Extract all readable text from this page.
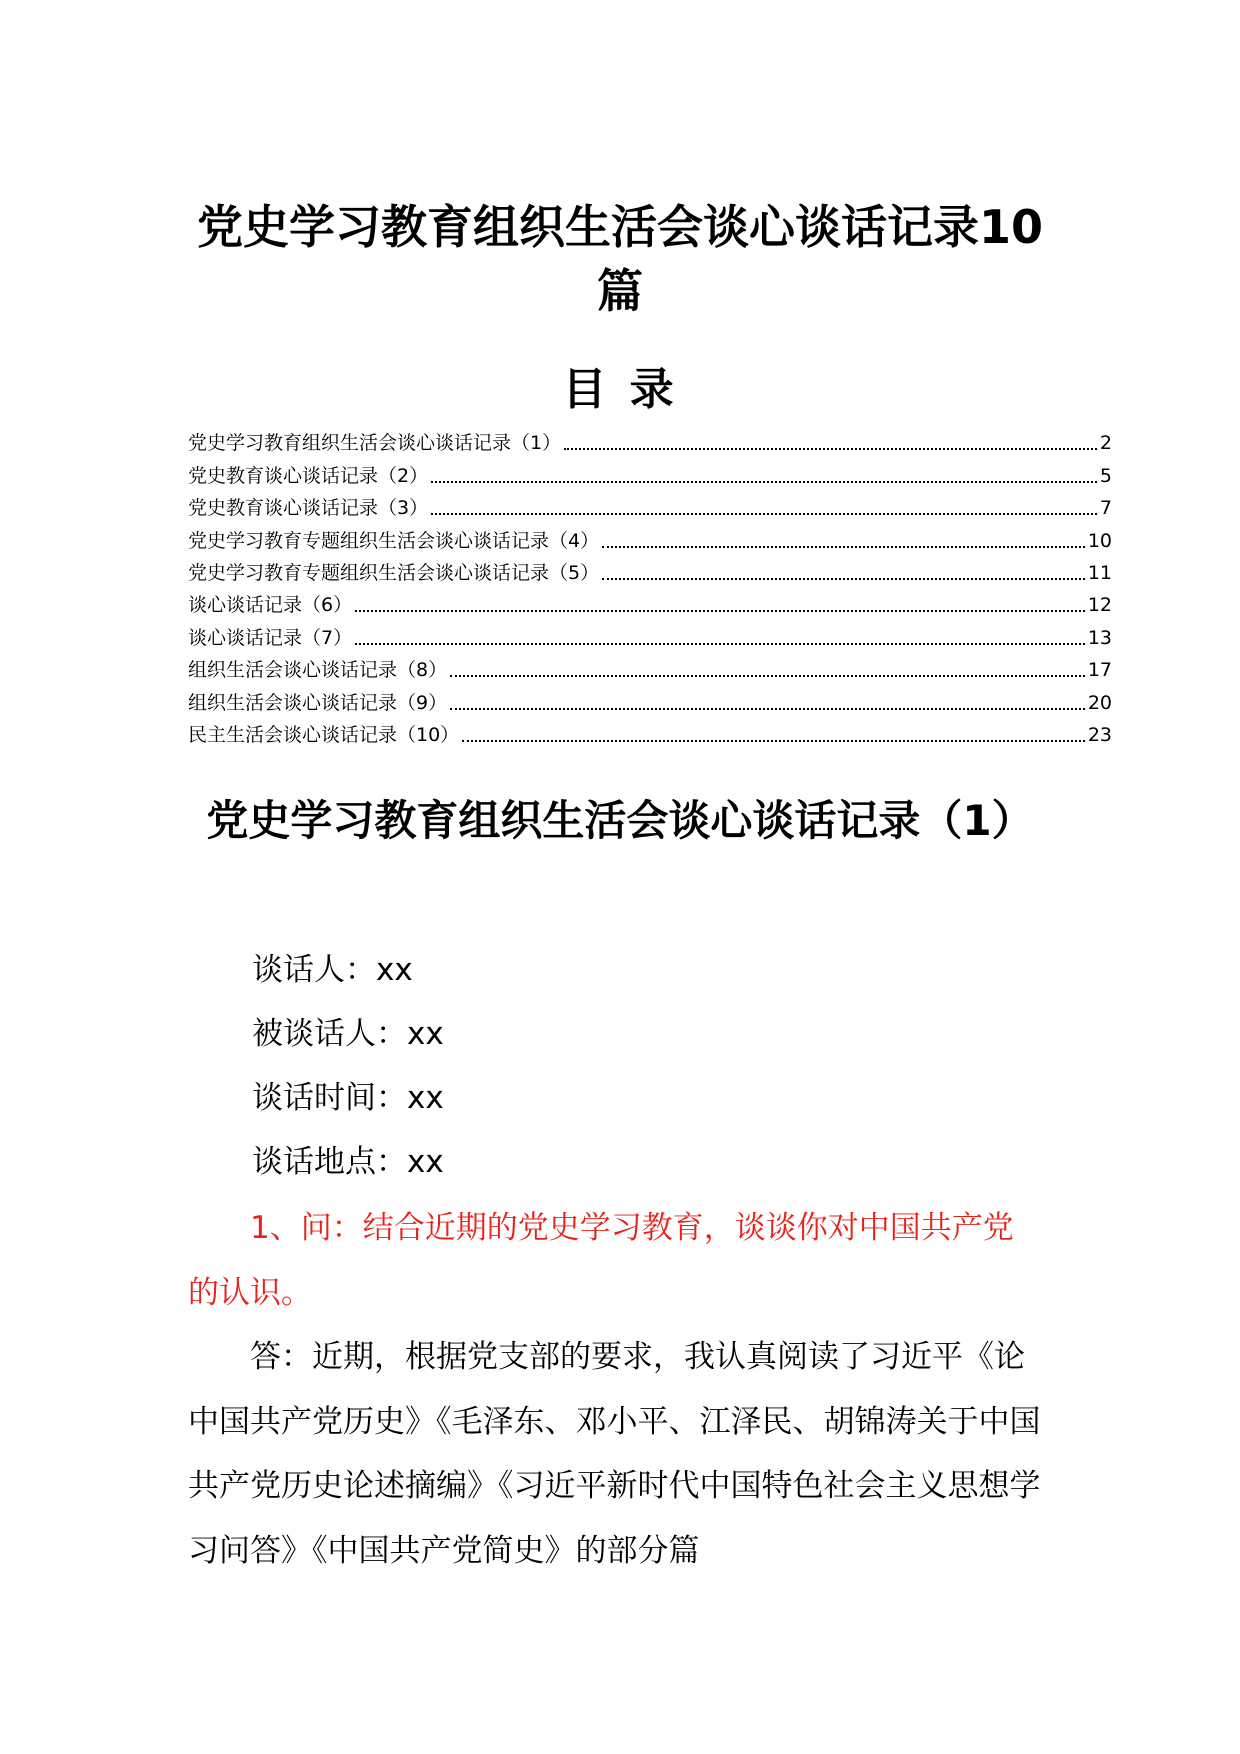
党史学习教育组织生活会谈心谈话记录10篇
目 录
党史学习教育组织生活会谈心谈话记录（1）	2
党史教育谈心谈话记录（2）	5
党史教育谈心谈话记录（3）	7
党史学习教育专题组织生活会谈心谈话记录（4）	10
党史学习教育专题组织生活会谈心谈话记录（5）	11
谈心谈话记录（6）	12
谈心谈话记录（7）	13
组织生活会谈心谈话记录（8）	17
组织生活会谈心谈话记录（9）	20
民主生活会谈心谈话记录（10）	23
党史学习教育组织生活会谈心谈话记录（1）

谈话人：xx

被谈话人：xx

谈话时间：xx

谈话地点：xx

1、问：结合近期的党史学习教育，谈谈你对中国共产党的认识。

答：近期，根据党支部的要求，我认真阅读了习近平《论中国共产党历史》《毛泽东、邓小平、江泽民、胡锦涛关于中国共产党历史论述摘编》《习近平新时代中国特色社会主义思想学习问答》《中国共产党简史》的部分篇
